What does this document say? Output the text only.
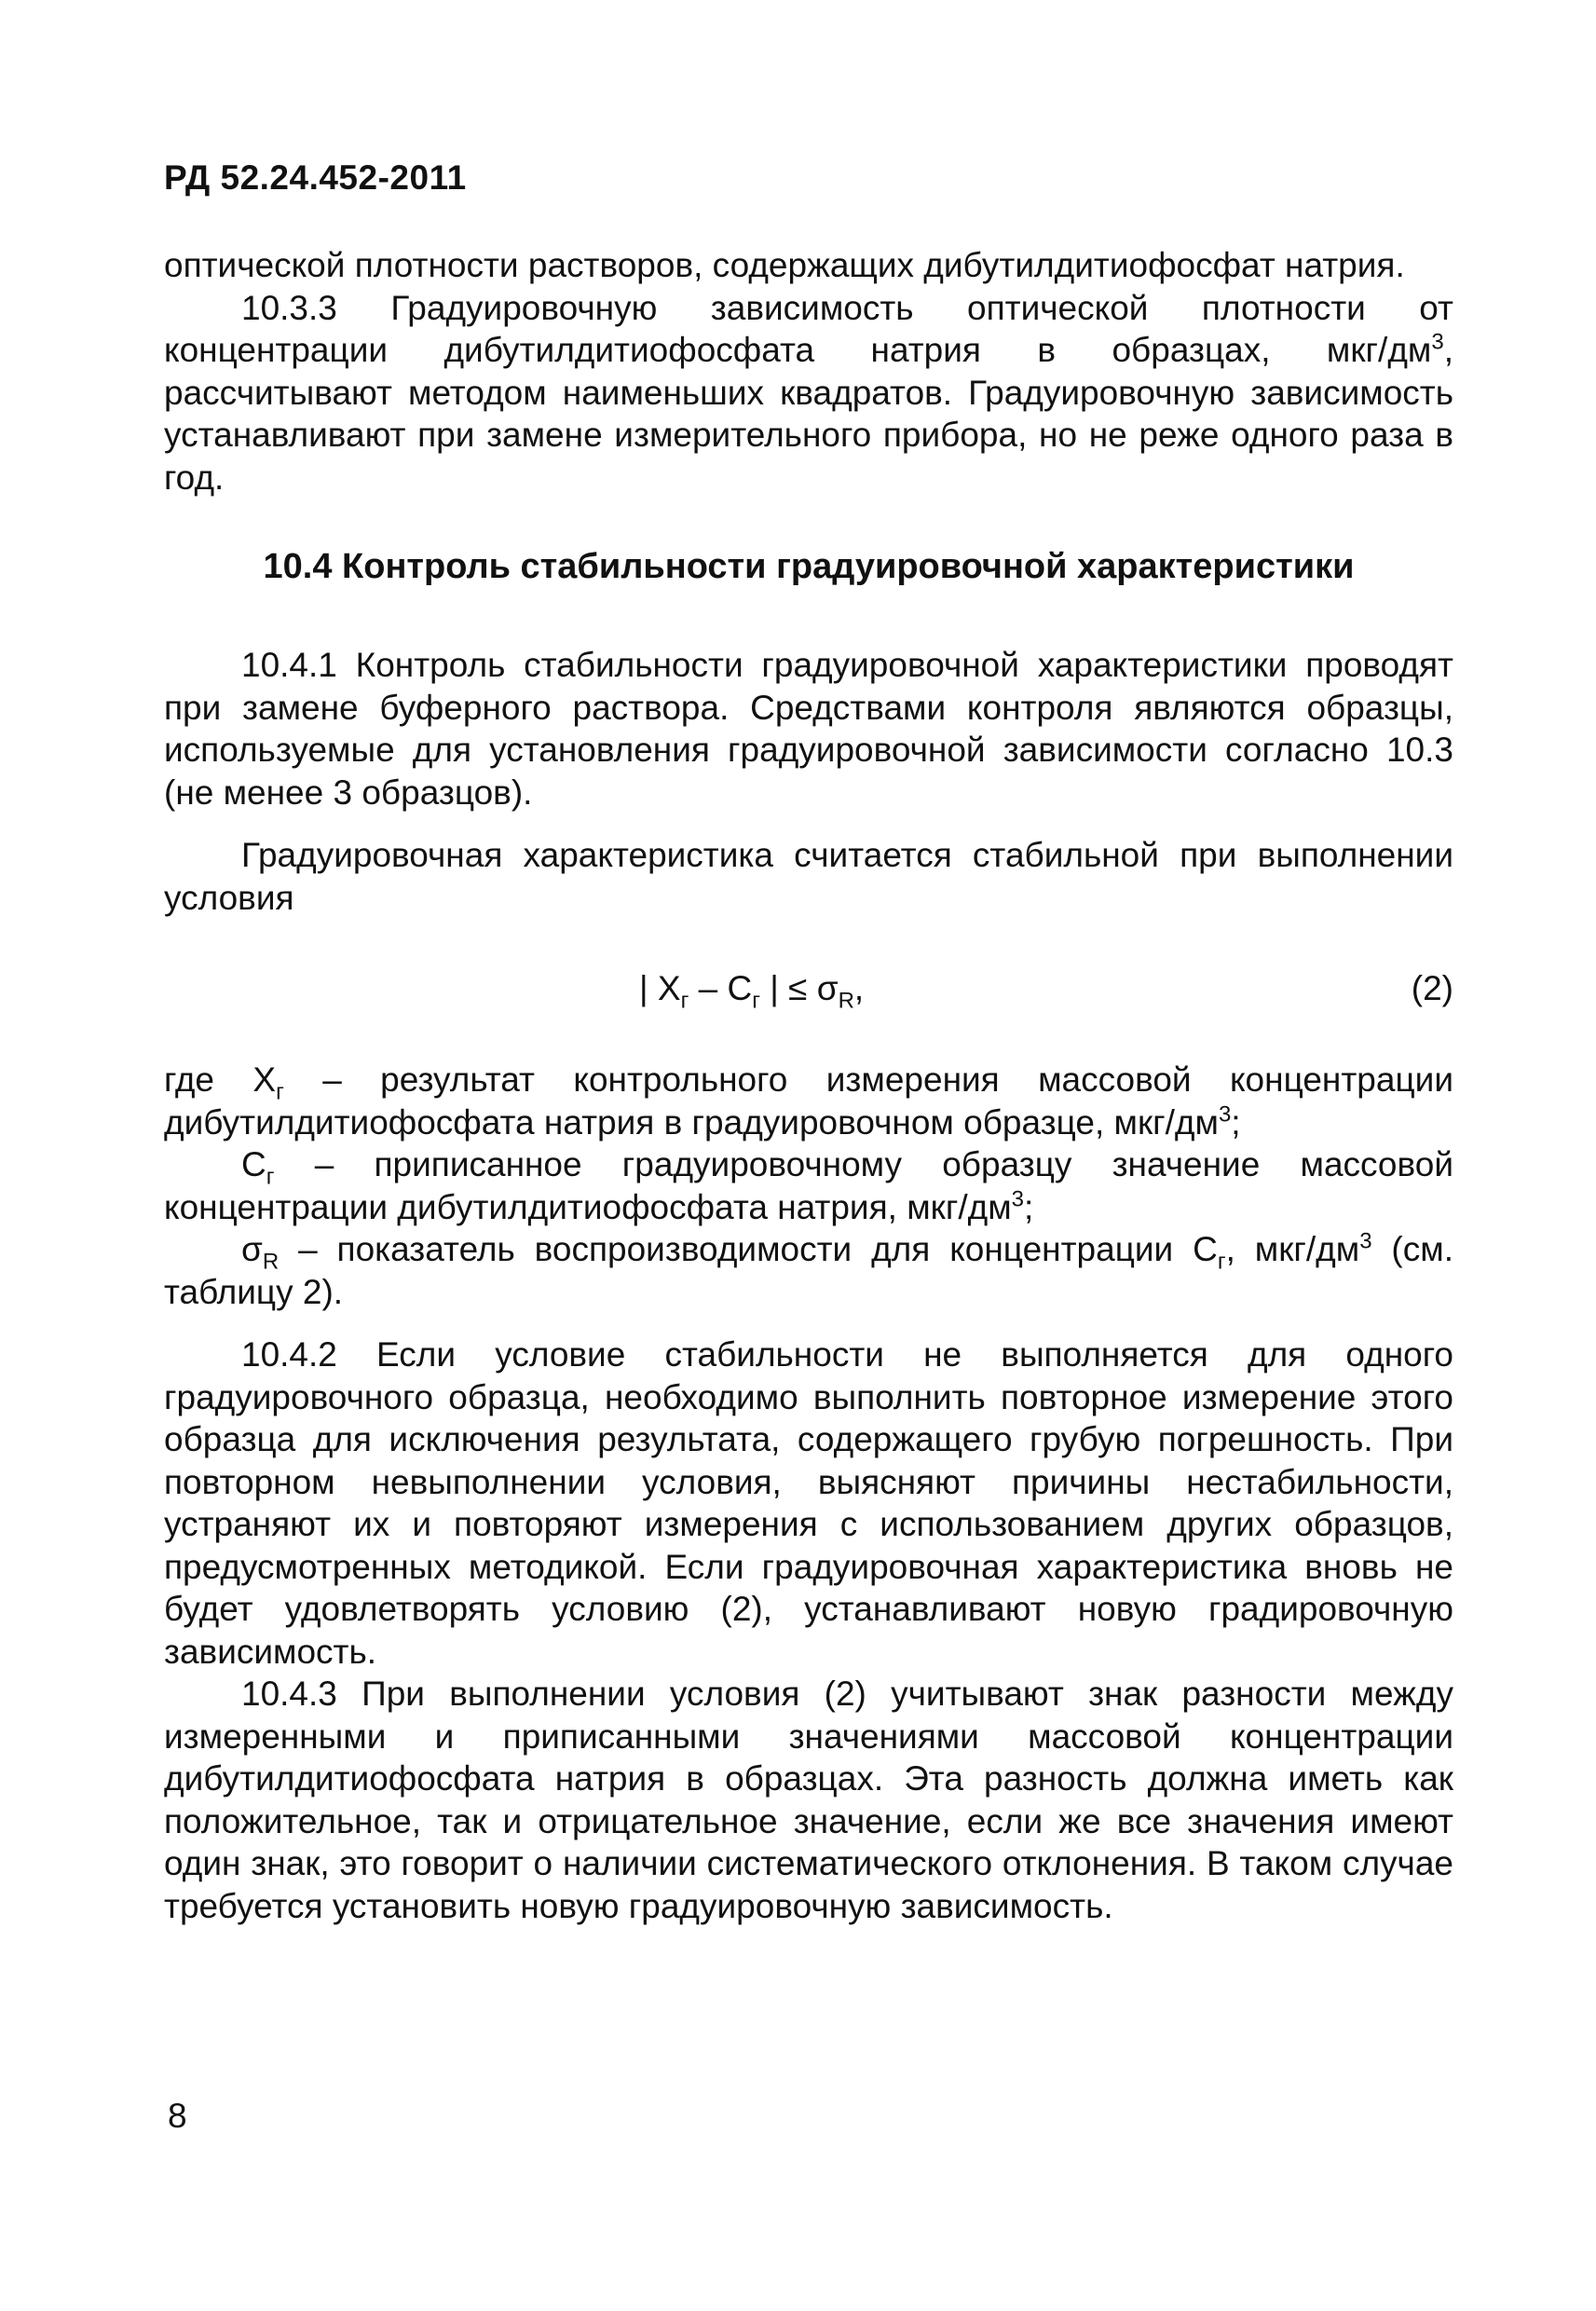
РД 52.24.452-2011

оптической плотности растворов, содержащих дибутилдитиофосфат натрия.

10.3.3 Градуировочную зависимость оптической плотности от концентрации дибутилдитиофосфата натрия в образцах, мкг/$дм^3$, рассчитывают методом наименьших квадратов. Градуировочную зависимость устанавливают при замене измерительного прибора, но не реже одного раза в год.

10.4 Контроль стабильности градуировочной характеристики

10.4.1 Контроль стабильности градуировочной характеристики проводят при замене буферного раствора. Средствами контроля являются образцы, используемые для установления градуировочной зависимости согласно 10.3 (не менее 3 образцов).

Градуировочная характеристика считается стабильной при выполнении условия

| $X_г - C_г$ | ≤ $\sigma_R$,	(2)

где $X_г$ – результат контрольного измерения массовой концентрации дибутилдитиофосфата натрия в градуировочном образце, мкг/$дм^3$;

$C_г$ – приписанное градуировочному образцу значение массовой концентрации дибутилдитиофосфата натрия, мкг/$дм^3$;

$\sigma_R$ – показатель воспроизводимости для концентрации $C_г$, мкг/$дм^3$ (см. таблицу 2).

10.4.2 Если условие стабильности не выполняется для одного градуировочного образца, необходимо выполнить повторное измерение этого образца для исключения результата, содержащего грубую погрешность. При повторном невыполнении условия, выясняют причины нестабильности, устраняют их и повторяют измерения с использованием других образцов, предусмотренных методикой. Если градуировочная характеристика вновь не будет удовлетворять условию (2), устанавливают новую градировочную зависимость.

10.4.3 При выполнении условия (2) учитывают знак разности между измеренными и приписанными значениями массовой концентрации дибутилдитиофосфата натрия в образцах. Эта разность должна иметь как положительное, так и отрицательное значение, если же все значения имеют один знак, это говорит о наличии систематического отклонения. В таком случае требуется установить новую градуировочную зависимость.

8
